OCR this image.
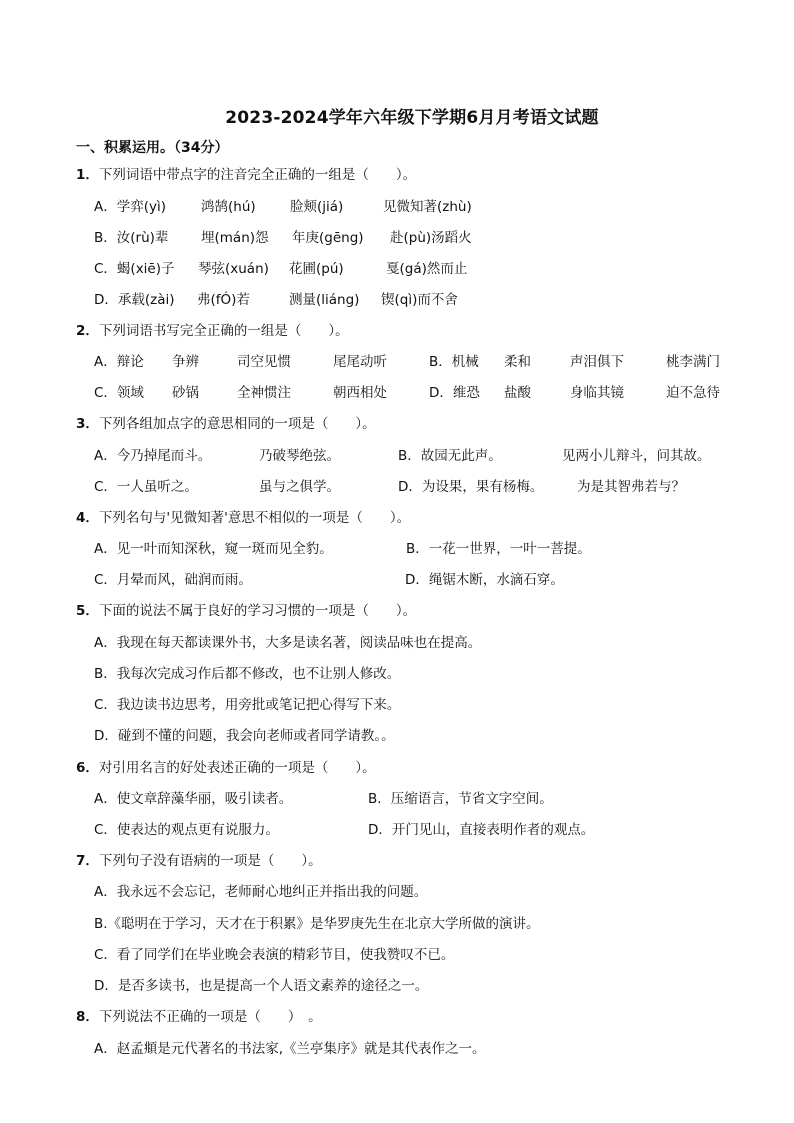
2023-2024学年六年级下学期6月月考语文试题
一、积累运用。（34分）
1．下列词语中带点字的注音完全正确的一组是（　　）。
A．学弈(yì)	鸿鹄(hú)	脸颊(jiá)	见微知著(zhù)
B．汝(rù)辈 埋(mán)怨 年庚(gēng) 赴(pù)汤蹈火
C．蝎(xiē)子 琴弦(xuán) 花圃(pú)	戛(gá)然而止
D．承载(zài) 弗(fÓ)若	测量(liáng) 锲(qì)而不舍
2．下列词语书写完全正确的一组是（　　）。
A．辩论 争辨	司空见惯	尾尾动听	B．机械 柔和	声泪俱下	桃李满门
C．领域 砂锅	全神惯注	朝西相处	D．维恐 盐酸	身临其镜	迫不急待
3．下列各组加点字的意思相同的一项是（　　）。
A．今乃掉尾而斗。	乃破琴绝弦。	B．故园无此声。	见两小儿辩斗，问其故。
C．一人虽听之。	虽与之俱学。	D．为设果，果有杨梅。 为是其智弗若与？
4．下列名句与'见微知著'意思不相似的一项是（　　）。
A．见一叶而知深秋，窥一斑而见全豹。	B．一花一世界，一叶一菩提。
C．月晕而风，础润而雨。	D．绳锯木断，水滴石穿。
5．下面的说法不属于良好的学习习惯的一项是（　　）。
A．我现在每天都读课外书，大多是读名著，阅读品味也在提高。
B．我每次完成习作后都不修改，也不让别人修改。
C．我边读书边思考，用旁批或笔记把心得写下来。
D．碰到不懂的问题，我会向老师或者同学请教。。
6．对引用名言的好处表述正确的一项是（　　）。
A．使文章辞藻华丽，吸引读者。	B．压缩语言，节省文字空间。
C．使表达的观点更有说服力。	D．开门见山，直接表明作者的观点。
7．下列句子没有语病的一项是（　　）。
A．我永远不会忘记，老师耐心地纠正并指出我的问题。
B.《聪明在于学习，天才在于积累》是华罗庚先生在北京大学所做的演讲。
C．看了同学们在毕业晚会表演的精彩节目，使我赞叹不已。
D．是否多读书，也是提高一个人语文素养的途径之一。
8．下列说法不正确的一项是（　　）　。
A．赵孟頫是元代著名的书法家,《兰亭集序》就是其代表作之一。
